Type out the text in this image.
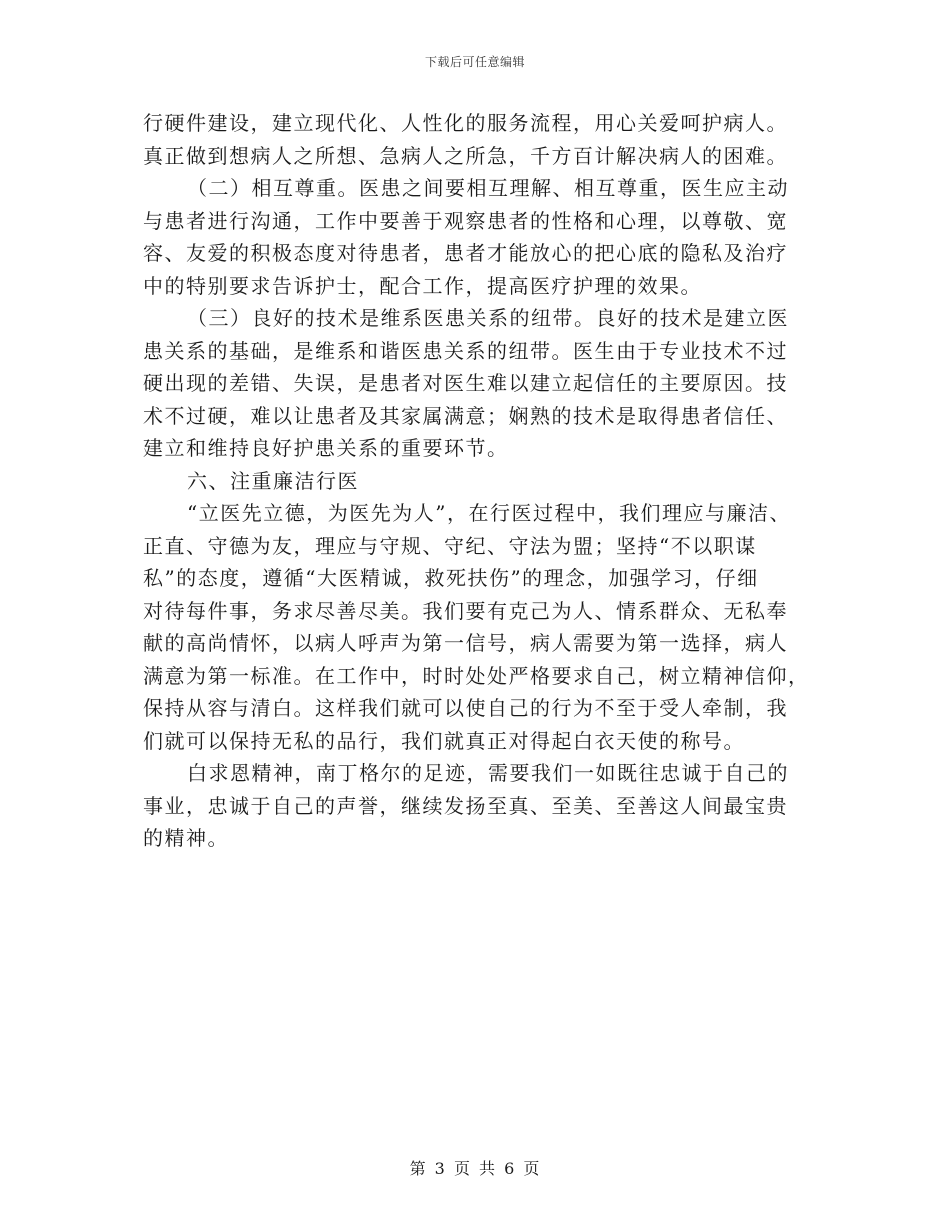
下载后可任意编辑
行硬件建设，建立现代化、人性化的服务流程，用心关爱呵护病人。
真正做到想病人之所想、急病人之所急，千方百计解决病人的困难。
（二）相互尊重。医患之间要相互理解、相互尊重，医生应主动
与患者进行沟通，工作中要善于观察患者的性格和心理，以尊敬、宽
容、友爱的积极态度对待患者，患者才能放心的把心底的隐私及治疗
中的特别要求告诉护士，配合工作，提高医疗护理的效果。
（三）良好的技术是维系医患关系的纽带。良好的技术是建立医
患关系的基础，是维系和谐医患关系的纽带。医生由于专业技术不过
硬出现的差错、失误，是患者对医生难以建立起信任的主要原因。技
术不过硬，难以让患者及其家属满意；娴熟的技术是取得患者信任、
建立和维持良好护患关系的重要环节。
六、注重廉洁行医
“立医先立德，为医先为人”，在行医过程中，我们理应与廉洁、
正直、守德为友，理应与守规、守纪、守法为盟；坚持“不以职谋
私”的态度，遵循“大医精诚，救死扶伤”的理念，加强学习，仔细
对待每件事，务求尽善尽美。我们要有克己为人、情系群众、无私奉
献的高尚情怀，以病人呼声为第一信号，病人需要为第一选择，病人
满意为第一标准。在工作中，时时处处严格要求自己，树立精神信仰，
保持从容与清白。这样我们就可以使自己的行为不至于受人牵制，我
们就可以保持无私的品行，我们就真正对得起白衣天使的称号。
白求恩精神，南丁格尔的足迹，需要我们一如既往忠诚于自己的
事业，忠诚于自己的声誉，继续发扬至真、至美、至善这人间最宝贵
的精神。
第 3 页 共 6 页
